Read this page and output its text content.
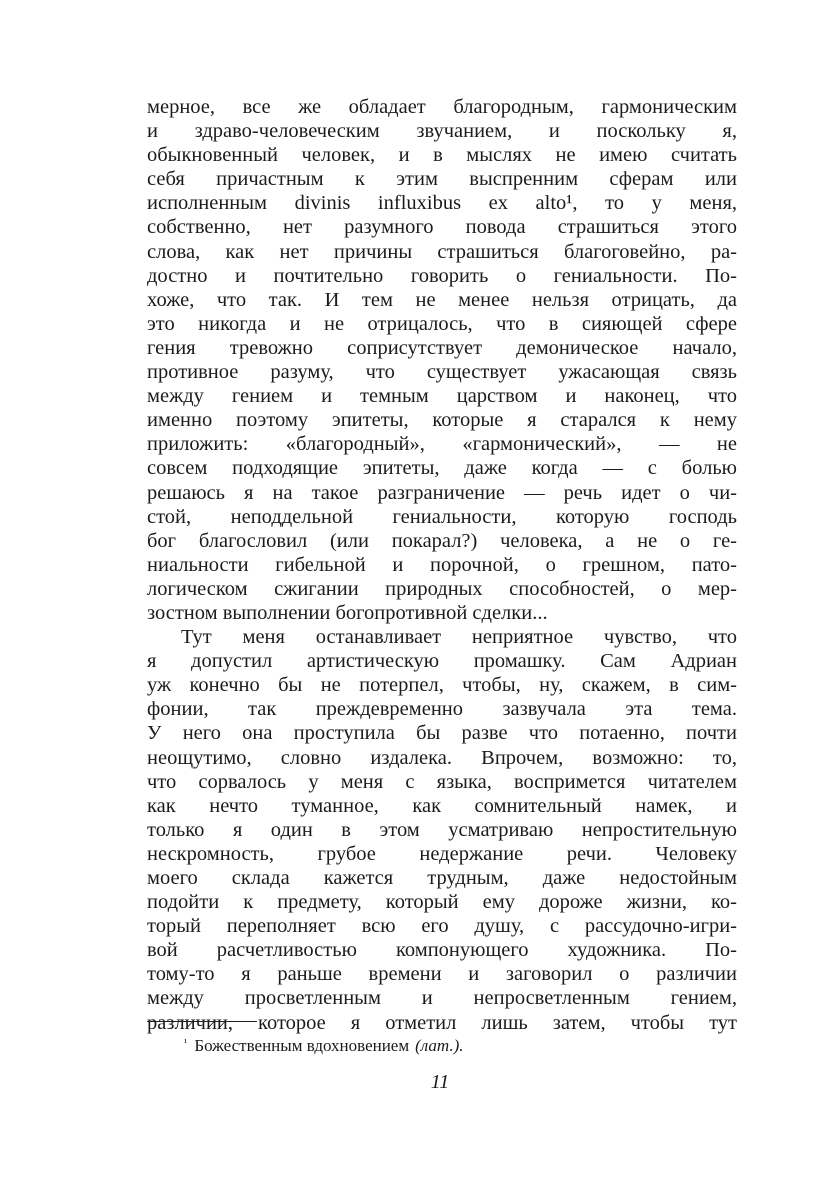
мерное, все же обладает благородным, гармоническим
и здраво-человеческим звучанием, и поскольку я,
обыкновенный человек, и в мыслях не имею считать
себя причастным к этим выспренним сферам или
исполненным divinis influxibus ex alto¹, то у меня,
собственно, нет разумного повода страшиться этого
слова, как нет причины страшиться благоговейно, ра-
достно и почтительно говорить о гениальности. По-
хоже, что так. И тем не менее нельзя отрицать, да
это никогда и не отрицалось, что в сияющей сфере
гения тревожно соприсутствует демоническое начало,
противное разуму, что существует ужасающая связь
между гением и темным царством и наконец, что
именно поэтому эпитеты, которые я старался к нему
приложить: «благородный», «гармонический», — не
совсем подходящие эпитеты, даже когда — с болью
решаюсь я на такое разграничение — речь идет о чи-
стой, неподдельной гениальности, которую господь
бог благословил (или покарал?) человека, а не о ге-
ниальности гибельной и порочной, о грешном, пато-
логическом сжигании природных способностей, о мер-
зостном выполнении богопротивной сделки...
Тут меня останавливает неприятное чувство, что
я допустил артистическую промашку. Сам Адриан
уж конечно бы не потерпел, чтобы, ну, скажем, в сим-
фонии, так преждевременно зазвучала эта тема.
У него она проступила бы разве что потаенно, почти
неощутимо, словно издалека. Впрочем, возможно: то,
что сорвалось у меня с языка, воспримется читателем
как нечто туманное, как сомнительный намек, и
только я один в этом усматриваю непростительную
нескромность, грубое недержание речи. Человеку
моего склада кажется трудным, даже недостойным
подойти к предмету, который ему дороже жизни, ко-
торый переполняет всю его душу, с рассудочно-игри-
вой расчетливостью компонующего художника. По-
тому-то я раньше времени и заговорил о различии
между просветленным и непросветленным гением,
различии, которое я отметил лишь затем, чтобы тут
$^{^1}$ Божественным вдохновением (лат.).
11
